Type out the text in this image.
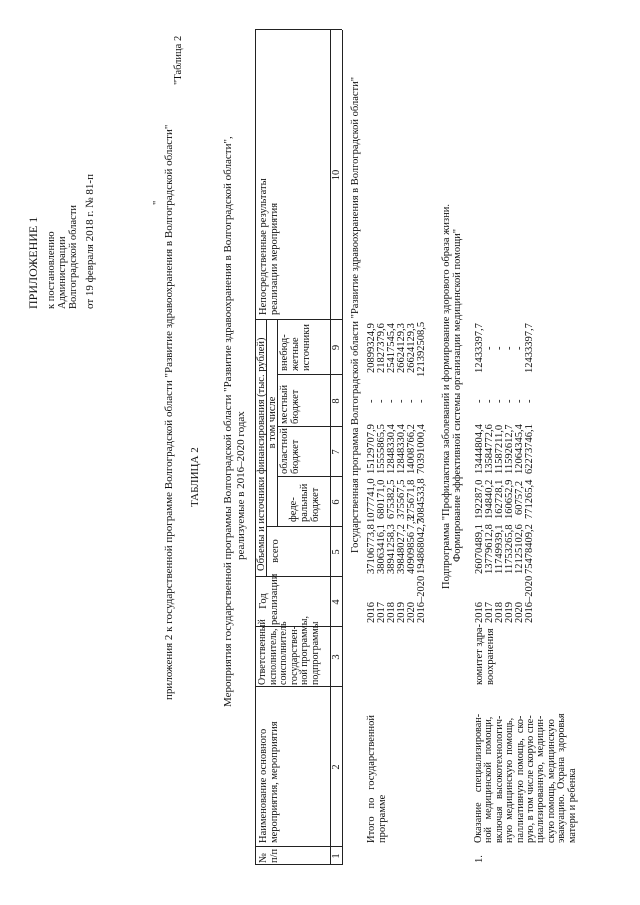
ПРИЛОЖЕНИЕ 1 к постановлению Администрации Волгоградской области от 19 февраля 2018 г. № 81-п	"
"Таблица 2
приложения 2 к государственной программе Волгоградской области "Развитие здравоохранения в Волгоградской области" ТАБЛИЦА 2 Мероприятия государственной программы Волгоградской области "Развитие здравоохранения в Волгоградской области", реализуемые в 2016–2020 годах
№
п/п
Наименование основного
мероприятия, мероприятия
Ответственный
исполнитель,
соисполнитель
государствен-
ной программы,
подпрограммы
Год
реализации
Объемы и источники финансирования (тыс. рублей) всего
в том числе
феде-
ральный
бюджет
областной
бюджет
местный
бюджет
внебюд-
жетные
источники
Непосредственные результаты
реализации мероприятия
1
2
3
4
5
6
7
8
9
10 Государственная программа Волгоградской области "Развитие здравоохранения в Волгоградской области"
Итого   по   государственной
программе
2016 2017 2018 2019 2020 2016–2020
37106773,8 38063416,1 38941258,3 39848027,2 40909856 7,3 194868042,7
1077741,0 680171,0 675382,5 375567,5 275671,8 3084533,8
15129707,9 15555865,5 12848330,4 12848330,4 14008766,2 70391000,4
- - - - - -
20899324,9 21827379,6 25417545,4 26624129,3 26624129,3 121392508,5 Подпрограмма "Профилактика заболеваний и формирование здорового образа жизни. Формирование эффективной системы организации медицинской помощи"
1.
Оказание    специализирован-
ной   медицинской   помощи,
включая   высокотехнологич-
ную  медицинскую  помощь,
паллиативную  помощь,  ско-
рую, в том числе скорую спе-
циализированную,  медицин-
скую помощь, медицинскую
эвакуацию.  Охрана  здоровья
матери и ребенка
комитет здра-
воохранения
2016 2017 2018 2019 2020 2016–2020
26070489,1 13779612,8 11749939,1 11753265,8 12125102,6 75478409,2
192287,0 194840,2 162728,1 160652,9 60757,2 771265,4
13444804,4 13584772,6 11587211,0 11592612,7 12064345,4 62273746,1
- - - - - -
12433397,7 - - - - 12433397,7
